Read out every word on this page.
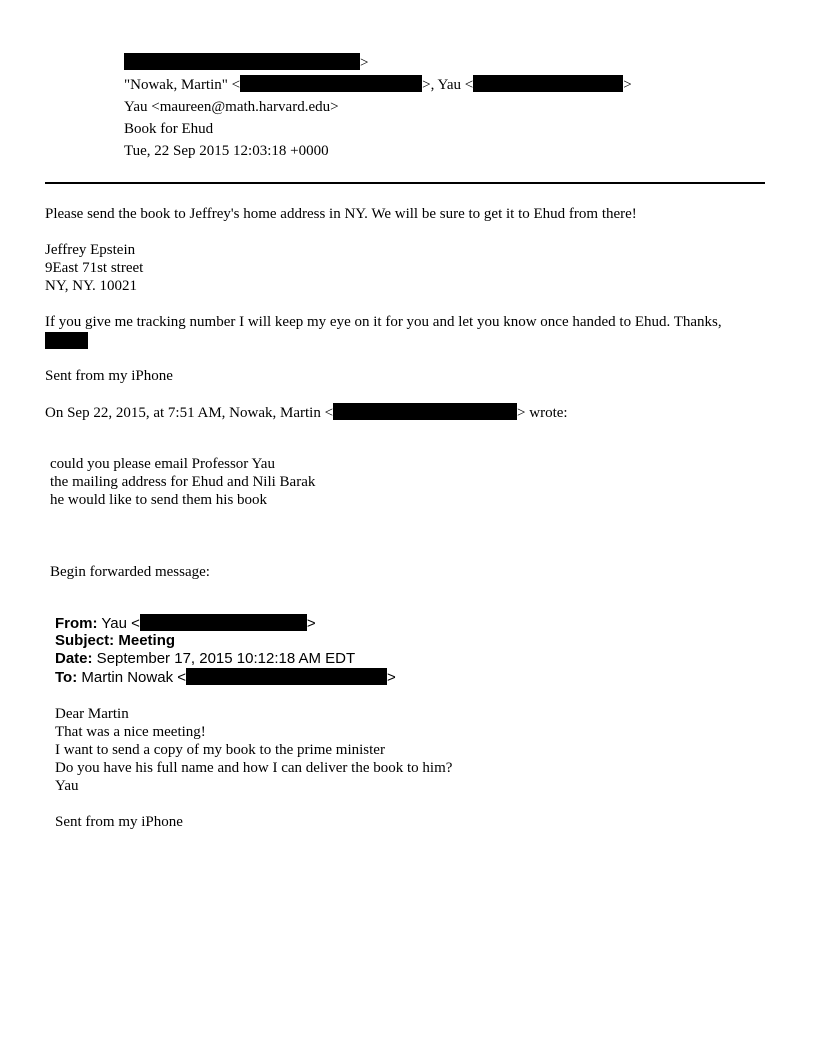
>
"Nowak, Martin" <	>, Yau <	>
Yau <maureen@math.harvard.edu>
Book for Ehud
Tue, 22 Sep 2015 12:03:18 +0000
Please send the book to Jeffrey's home address in NY. We will be sure to get it to Ehud from there!
Jeffrey Epstein
9East 71st street
NY, NY. 10021
If you give me tracking number I will keep my eye on it for you and let you know once handed to Ehud. Thanks,
Sent from my iPhone
On Sep 22, 2015, at 7:51 AM, Nowak, Martin <	> wrote:
could you please email Professor Yau
the mailing address for Ehud and Nili Barak
he would like to send them his book
Begin forwarded message:
From: Yau <	>
Subject: Meeting
Date: September 17, 2015 10:12:18 AM EDT
To: Martin Nowak <	>
Dear Martin
That was a nice meeting!
I want to send a copy of my book to the prime minister
Do you have his full name and how I can deliver the book to him?
Yau
Sent from my iPhone
